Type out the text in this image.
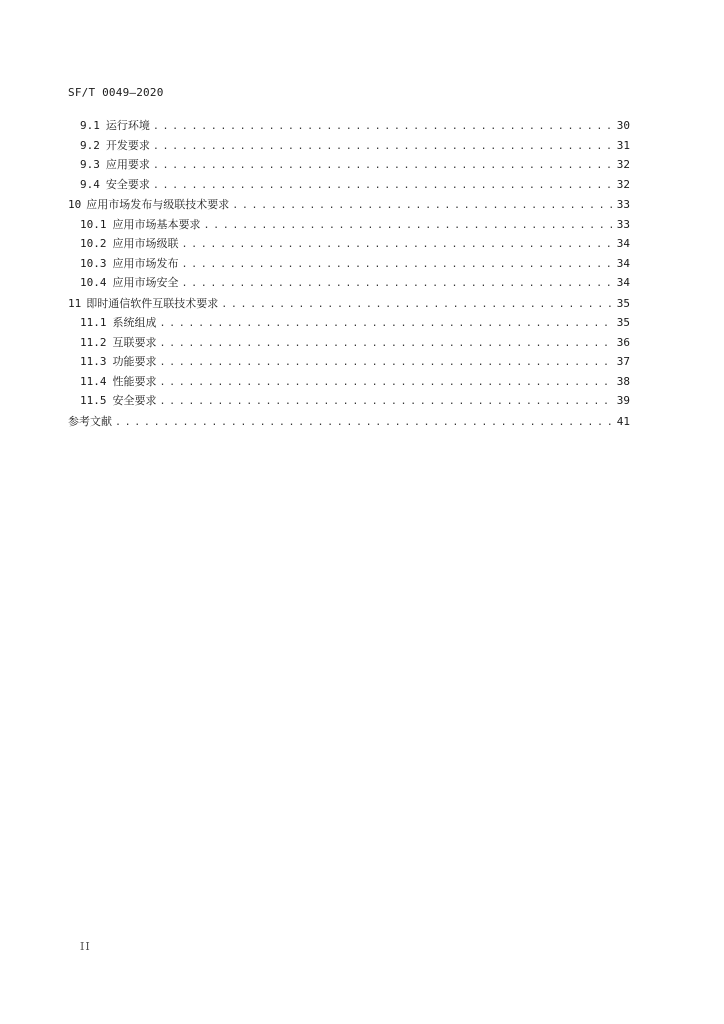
SF/T 0049—2020
9.1 运行环境 . . .	30
9.2 开发要求 . . .	31
9.3 应用要求 . . .	32
9.4 安全要求 . . .	32
10 应用市场发布与级联技术要求 . . .	33
10.1 应用市场基本要求 . . .	33
10.2 应用市场级联 . . .	34
10.3 应用市场发布 . . .	34
10.4 应用市场安全 . . .	34
11 即时通信软件互联技术要求 . . .	35
11.1 系统组成 . . .	35
11.2 互联要求 . . .	36
11.3 功能要求 . . .	37
11.4 性能要求 . . .	38
11.5 安全要求 . . .	39
参考文献 . . .	41
II
